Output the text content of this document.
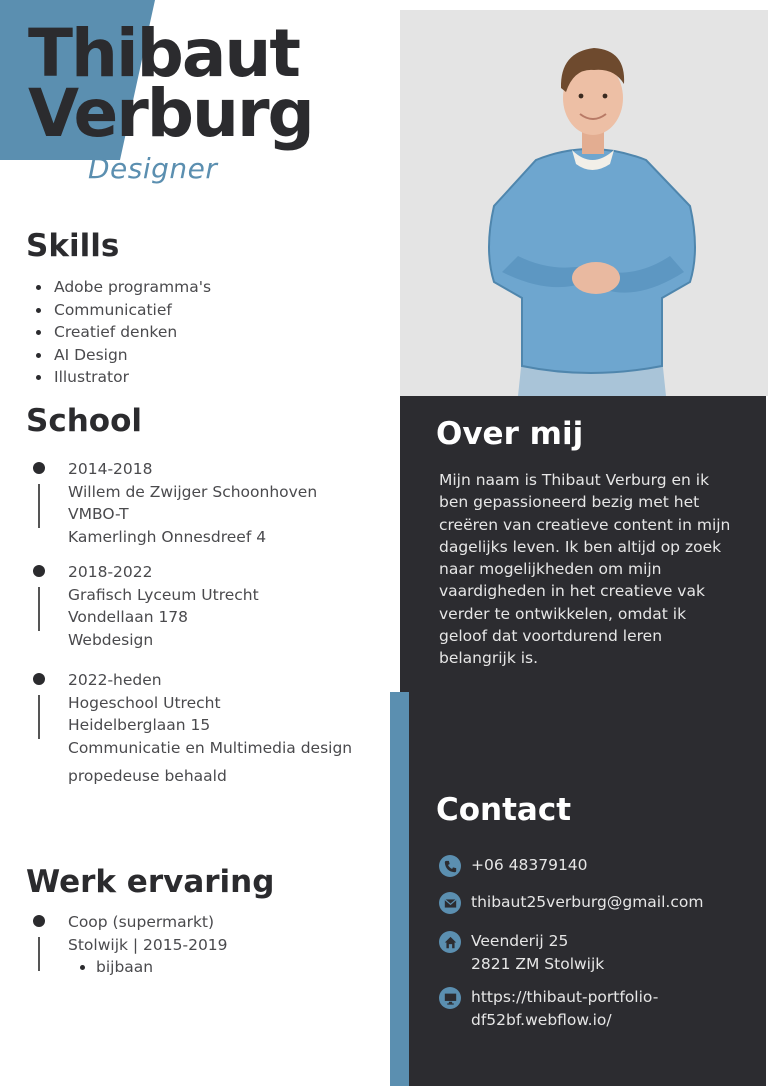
Thibaut
Verburg
Designer
Skills
Adobe programma's
Communicatief
Creatief denken
AI Design
Illustrator
School
2014-2018
Willem de Zwijger Schoonhoven
VMBO-T
Kamerlingh Onnesdreef 4
2018-2022
Grafisch Lyceum Utrecht
Vondellaan 178
Webdesign
2022-heden
Hogeschool Utrecht
Heidelberglaan 15
Communicatie en Multimedia design
propedeuse behaald
Werk ervaring
Coop (supermarkt)
Stolwijk | 2015-2019
bijbaan
Over mij
Mijn naam is Thibaut Verburg en ik ben gepassioneerd bezig met het creëren van creatieve content in mijn dagelijks leven. Ik ben altijd op zoek naar mogelijkheden om mijn vaardigheden in het creatieve vak verder te ontwikkelen, omdat ik geloof dat voortdurend leren belangrijk is.
Contact
+06 48379140
thibaut25verburg@gmail.com
Veenderij 25
2821 ZM Stolwijk
https://thibaut-portfolio-
df52bf.webflow.io/
